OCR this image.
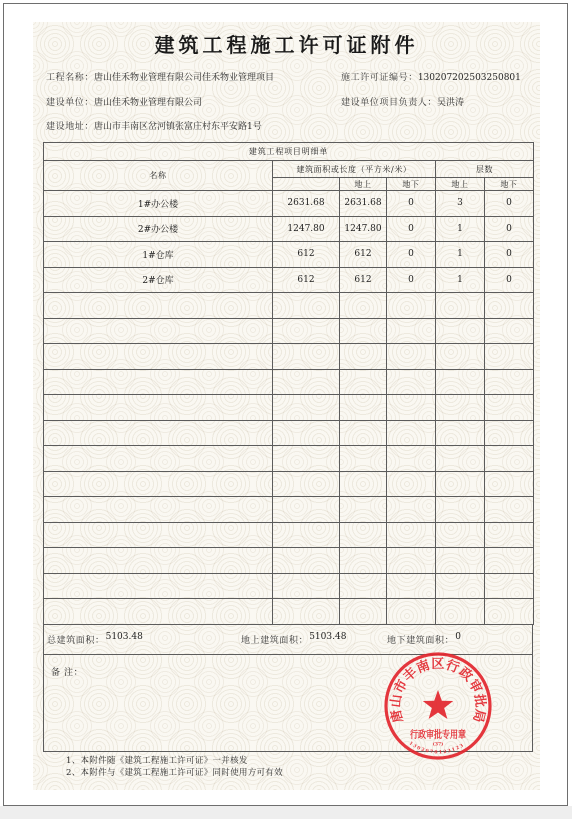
建筑工程施工许可证附件
工程名称：唐山佳禾物业管理有限公司佳禾物业管理项目	施工许可证编号：130207202503250801
建设单位：唐山佳禾物业管理有限公司	建设单位项目负责人：吴洪涛
建设地址：唐山市丰南区岔河镇张富庄村东平安路1号
建筑工程项目明细单					
名称	建筑面积或长度（平方米/米）			层数	
		地上	地下	地上	地下
1#办公楼	2631.68	2631.68	0	3	0
2#办公楼	1247.80	1247.80	0	1	0
1#仓库	612	612	0	1	0
2#仓库	612	612	0	1	0

总建筑面积：5103.48	地上建筑面积：5103.48	地下建筑面积：0
备 注：
1、本附件随《建筑工程施工许可证》一并核发
2、本附件与《建筑工程施工许可证》同时使用方可有效
唐山市丰南区行政审批局
行政审批专用章
(37)
1302070123123
